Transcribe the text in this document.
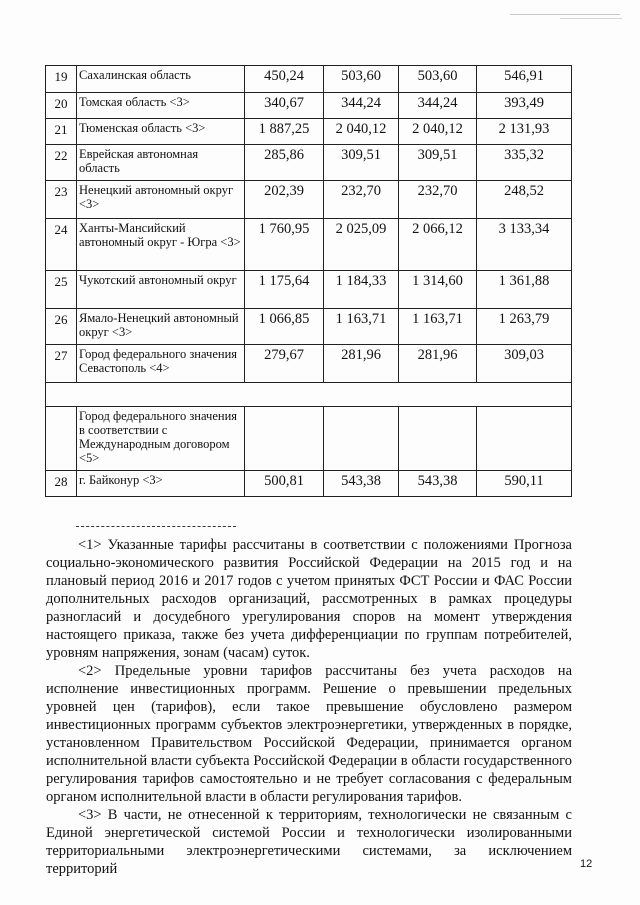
19	Сахалинская область	450,24	503,60	503,60	546,91
20	Томская область <3>	340,67	344,24	344,24	393,49
21	Тюменская область <3>	1 887,25	2 040,12	2 040,12	2 131,93
22	Еврейская автономная область	285,86	309,51	309,51	335,32
23	Ненецкий автономный округ <3>	202,39	232,70	232,70	248,52
24	Ханты-Мансийский автономный округ - Югра <3>	1 760,95	2 025,09	2 066,12	3 133,34
25	Чукотский автономный округ	1 175,64	1 184,33	1 314,60	1 361,88
26	Ямало-Ненецкий автономный округ <3>	1 066,85	1 163,71	1 163,71	1 263,79
27	Город федерального значения Севастополь <4>	279,67	281,96	281,96	309,03

	Город федерального значения в соответствии с Международным договором <5>				
28	г. Байконур <3>	500,81	543,38	543,38	590,11

<1> Указанные тарифы рассчитаны в соответствии с положениями Прогноза социально-экономического развития Российской Федерации на 2015 год и на плановый период 2016 и 2017 годов с учетом принятых ФСТ России и ФАС России дополнительных расходов организаций, рассмотренных в рамках процедуры разногласий и досудебного урегулирования споров на момент утверждения настоящего приказа, также без учета дифференциации по группам потребителей, уровням напряжения, зонам (часам) суток.

<2> Предельные уровни тарифов рассчитаны без учета расходов на исполнение инвестиционных программ. Решение о превышении предельных уровней цен (тарифов), если такое превышение обусловлено размером инвестиционных программ субъектов электроэнергетики, утвержденных в порядке, установленном Правительством Российской Федерации, принимается органом исполнительной власти субъекта Российской Федерации в области государственного регулирования тарифов самостоятельно и не требует согласования с федеральным органом исполнительной власти в области регулирования тарифов.

<3> В части, не отнесенной к территориям, технологически не связанным с Единой энергетической системой России и технологически изолированными территориальными электроэнергетическими системами, за исключением территорий	12
